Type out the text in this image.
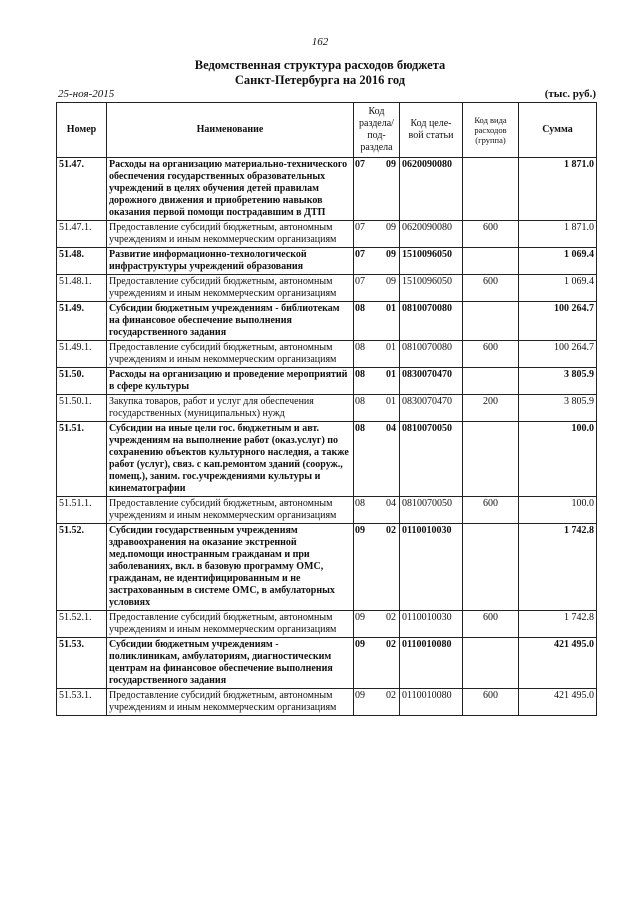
162
Ведомственная структура расходов бюджета
Санкт-Петербурга на 2016 год
25-ноя-2015	(тыс. руб.)
Номер	Наименование	Код раздела/ под- раздела		Код целе- вой статьи	Код вида расходов (группа)	Сумма
51.47.	Расходы на организацию материально-технического обеспечения государственных образовательных учреждений в целях обучения детей правилам дорожного движения и приобретению навыков оказания первой помощи пострадавшим в ДТП	07	09	0620090080		1 871.0
51.47.1.	Предоставление субсидий бюджетным, автономным учреждениям и иным некоммерческим организациям	07	09	0620090080	600	1 871.0
51.48.	Развитие информационно-технологической инфраструктуры учреждений образования	07	09	1510096050		1 069.4
51.48.1.	Предоставление субсидий бюджетным, автономным учреждениям и иным некоммерческим организациям	07	09	1510096050	600	1 069.4
51.49.	Субсидии бюджетным учреждениям - библиотекам на финансовое обеспечение выполнения государственного задания	08	01	0810070080		100 264.7
51.49.1.	Предоставление субсидий бюджетным, автономным учреждениям и иным некоммерческим организациям	08	01	0810070080	600	100 264.7
51.50.	Расходы на организацию и проведение мероприятий в сфере культуры	08	01	0830070470		3 805.9
51.50.1.	Закупка товаров, работ и услуг для обеспечения государственных (муниципальных) нужд	08	01	0830070470	200	3 805.9
51.51.	Субсидии на иные цели гос. бюджетным и авт. учреждениям на выполнение работ (оказ.услуг) по сохранению объектов культурного наследия, а также работ (услуг), связ. с кап.ремонтом зданий (сооруж., помещ.), заним. гос.учреждениями культуры и кинематографии	08	04	0810070050		100.0
51.51.1.	Предоставление субсидий бюджетным, автономным учреждениям и иным некоммерческим организациям	08	04	0810070050	600	100.0
51.52.	Субсидии государственным учреждениям здравоохранения на оказание экстренной мед.помощи иностранным гражданам и при заболеваниях, вкл. в базовую программу ОМС, гражданам, не идентифицированным и не застрахованным в системе ОМС, в амбулаторных условиях	09	02	0110010030		1 742.8
51.52.1.	Предоставление субсидий бюджетным, автономным учреждениям и иным некоммерческим организациям	09	02	0110010030	600	1 742.8
51.53.	Субсидии бюджетным учреждениям - поликлиникам, амбулаториям, диагностическим центрам на финансовое обеспечение выполнения государственного задания	09	02	0110010080		421 495.0
51.53.1.	Предоставление субсидий бюджетным, автономным учреждениям и иным некоммерческим организациям	09	02	0110010080	600	421 495.0
